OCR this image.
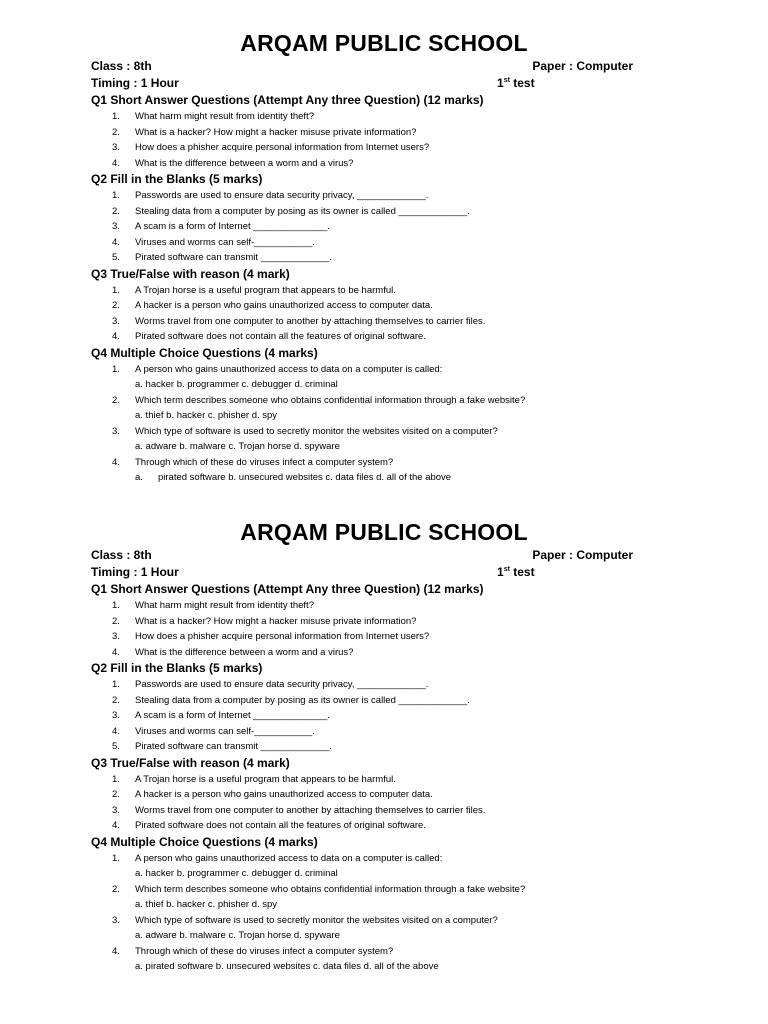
ARQAM PUBLIC SCHOOL
Class : 8th	Paper : Computer
Timing : 1 Hour	1st test
Q1 Short Answer Questions (Attempt Any three Question) (12 marks)
1.	What harm might result from identity theft?
2.	What is a hacker? How might a hacker misuse private information?
3.	How does a phisher acquire personal information from Internet users?
4.	What is the difference between a worm and a virus?
Q2 Fill in the Blanks (5 marks)
1.	Passwords are used to ensure data security privacy, _____________.
2.	Stealing data from a computer by posing as its owner is called _____________.
3.	A scam is a form of Internet ______________.
4.	Viruses and worms can self-___________.
5.	Pirated software can transmit _____________.
Q3 True/False with reason (4 mark)
1.	A Trojan horse is a useful program that appears to be harmful.
2.	A hacker is a person who gains unauthorized access to computer data.
3.	Worms travel from one computer to another by attaching themselves to carrier files.
4.	Pirated software does not contain all the features of original software.
Q4 Multiple Choice Questions (4 marks)
1.	A person who gains unauthorized access to data on a computer is called:
a. hacker b. programmer c. debugger d. criminal
2.	Which term describes someone who obtains confidential information through a fake website?
a. thief b. hacker c. phisher d. spy
3.	Which type of software is used to secretly monitor the websites visited on a computer?
a. adware b. malware c. Trojan horse d. spyware
4.	Through which of these do viruses infect a computer system?
a. pirated software b. unsecured websites c. data files d. all of the above
ARQAM PUBLIC SCHOOL
Class : 8th	Paper : Computer
Timing : 1 Hour	1st test
Q1 Short Answer Questions (Attempt Any three Question) (12 marks)
1.	What harm might result from identity theft?
2.	What is a hacker? How might a hacker misuse private information?
3.	How does a phisher acquire personal information from Internet users?
4.	What is the difference between a worm and a virus?
Q2 Fill in the Blanks (5 marks)
1.	Passwords are used to ensure data security privacy, _____________.
2.	Stealing data from a computer by posing as its owner is called _____________.
3.	A scam is a form of Internet ______________.
4.	Viruses and worms can self-___________.
5.	Pirated software can transmit _____________.
Q3 True/False with reason (4 mark)
1.	A Trojan horse is a useful program that appears to be harmful.
2.	A hacker is a person who gains unauthorized access to computer data.
3.	Worms travel from one computer to another by attaching themselves to carrier files.
4.	Pirated software does not contain all the features of original software.
Q4 Multiple Choice Questions (4 marks)
1.	A person who gains unauthorized access to data on a computer is called:
a. hacker b. programmer c. debugger d. criminal
2.	Which term describes someone who obtains confidential information through a fake website?
a. thief b. hacker c. phisher d. spy
3.	Which type of software is used to secretly monitor the websites visited on a computer?
a. adware b. malware c. Trojan horse d. spyware
4.	Through which of these do viruses infect a computer system?
a. pirated software b. unsecured websites c. data files d. all of the above
